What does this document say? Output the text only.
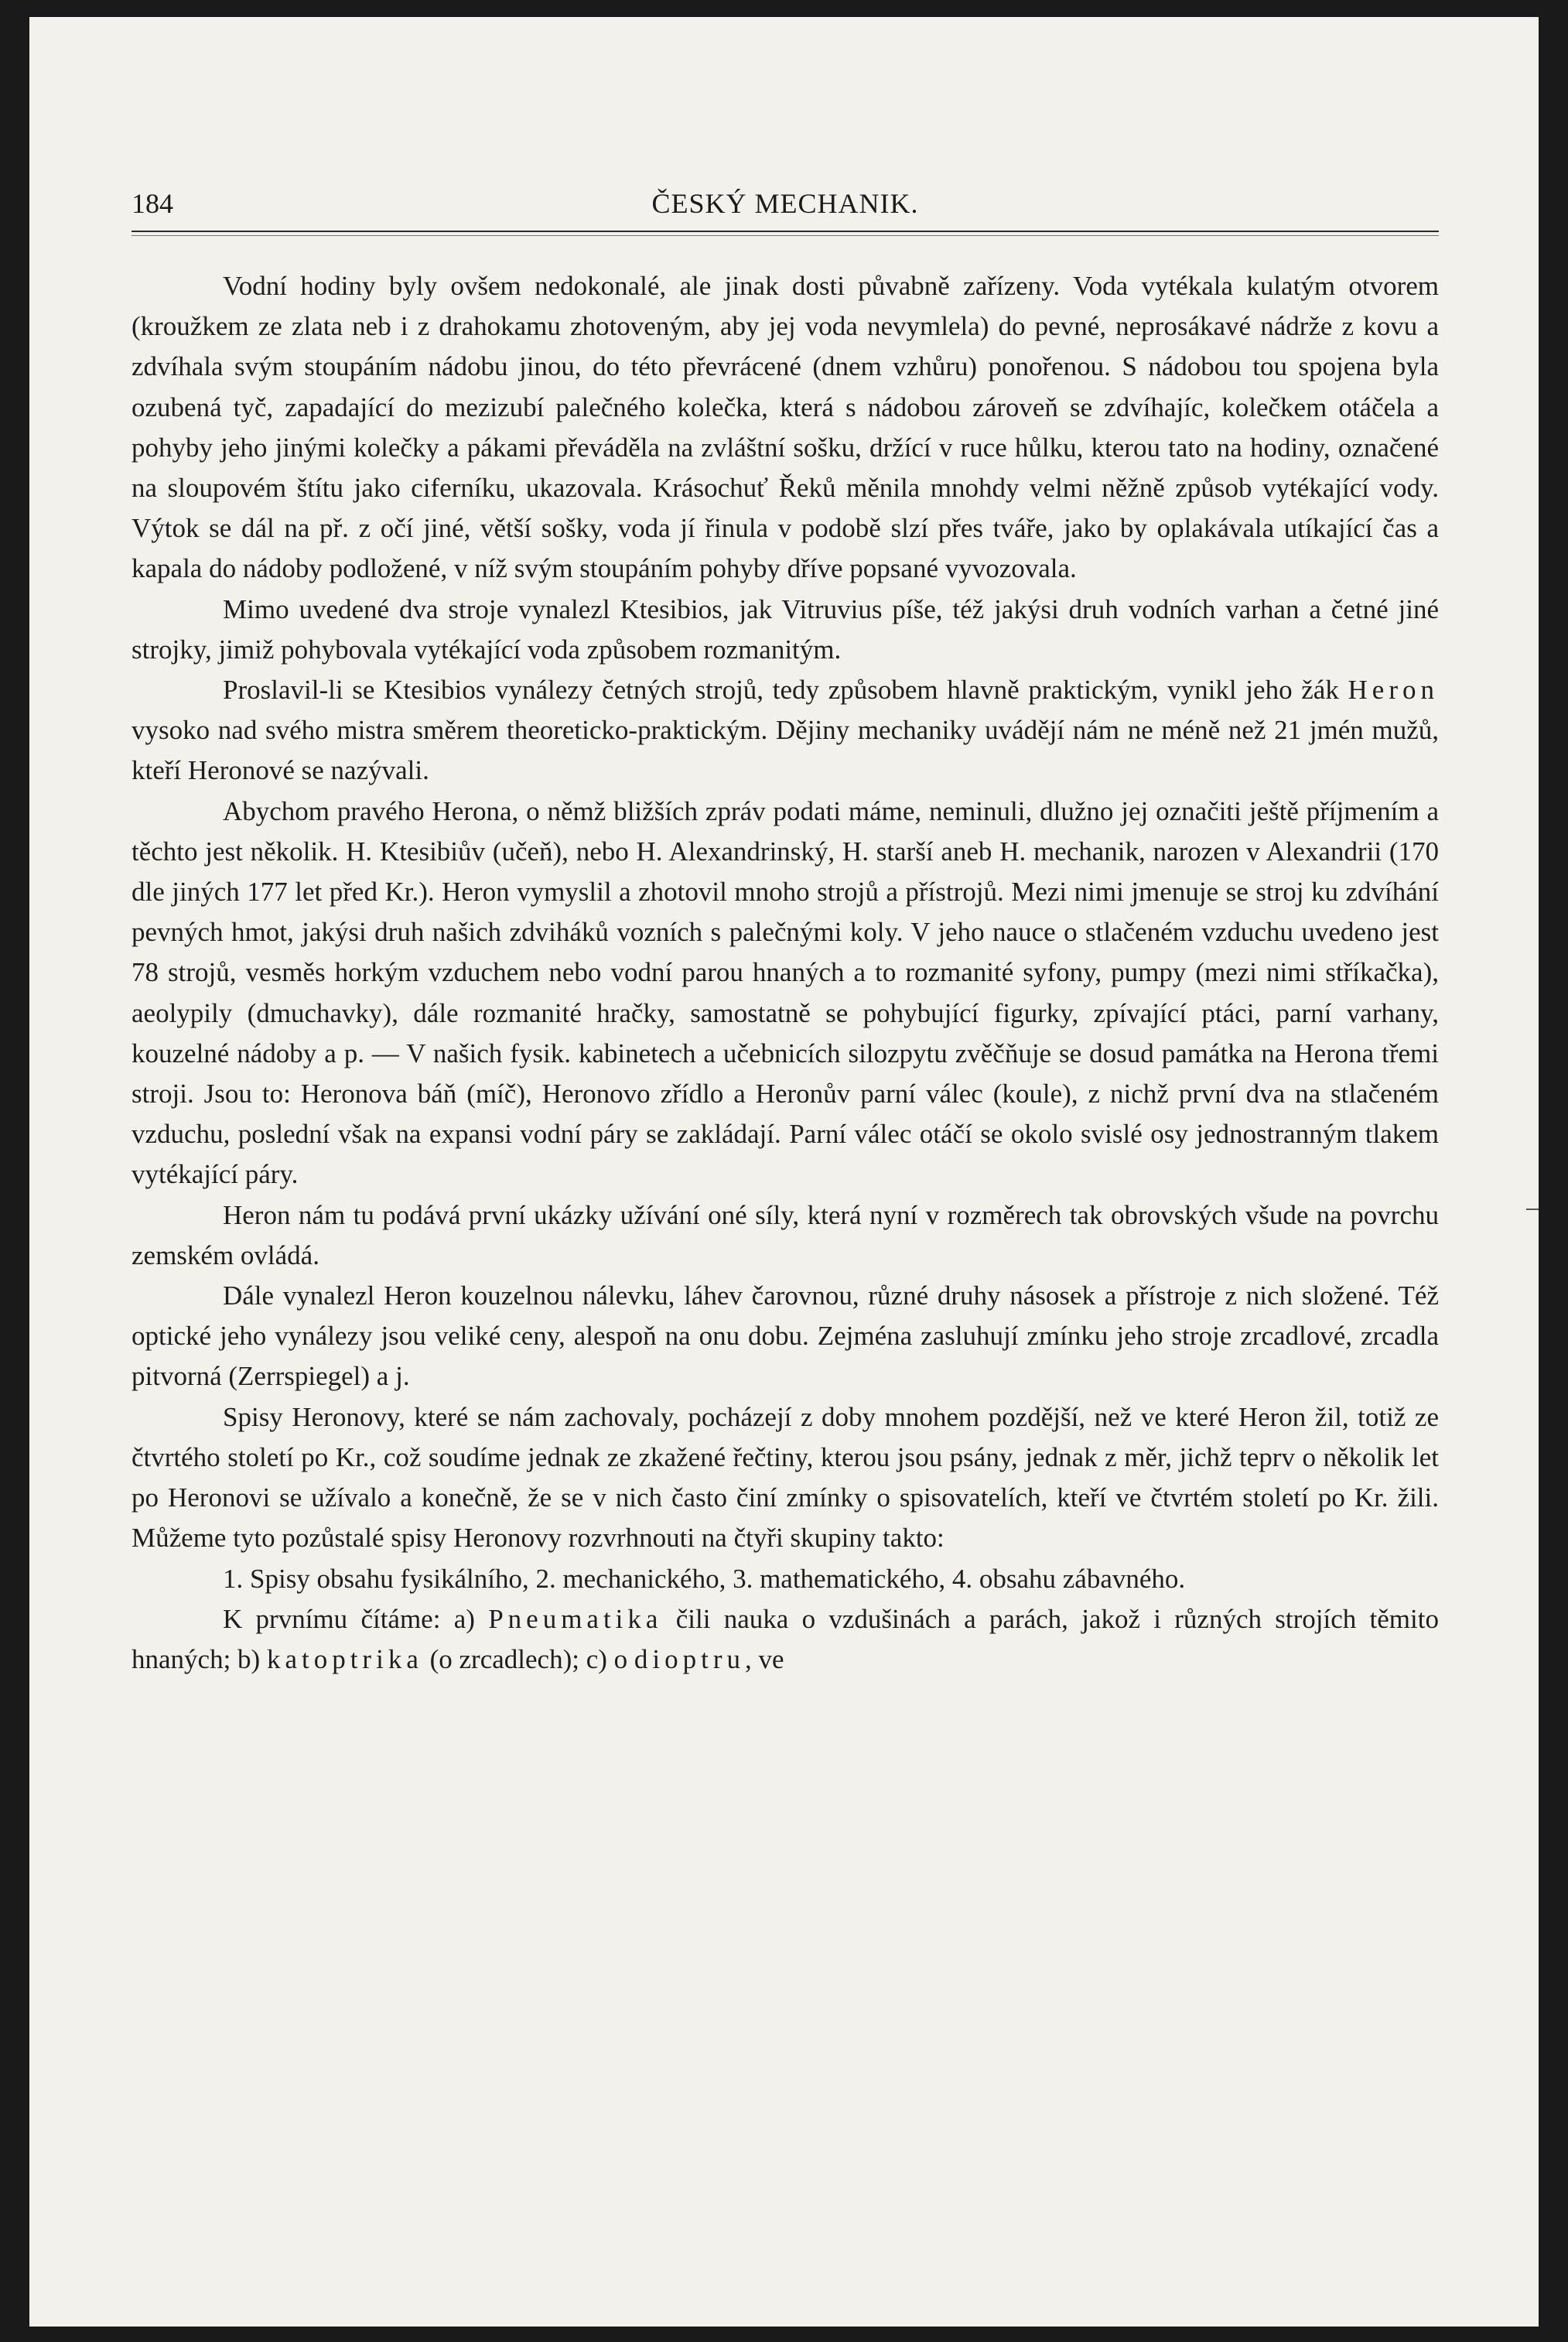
184	ČESKÝ MECHANIK.

Vodní hodiny byly ovšem nedokonalé, ale jinak dosti půvabně zařízeny. Voda vytékala kulatým otvorem (kroužkem ze zlata neb i z drahokamu zhotoveným, aby jej voda nevymlela) do pevné, neprosákavé nádrže z kovu a zdvíhala svým stoupáním nádobu jinou, do této převrácené (dnem vzhůru) ponořenou. S nádobou tou spojena byla ozubená tyč, zapadající do mezizubí palečného kolečka, která s nádobou zároveň se zdvíhajíc, kolečkem otáčela a pohyby jeho jinými kolečky a pákami převáděla na zvláštní sošku, držící v ruce hůlku, kterou tato na hodiny, označené na sloupovém štítu jako ciferníku, ukazovala. Krásochuť Řeků měnila mnohdy velmi něžně způsob vytékající vody. Výtok se dál na př. z očí jiné, větší sošky, voda jí řinula v podobě slzí přes tváře, jako by oplakávala utíkající čas a kapala do nádoby podložené, v níž svým stoupáním pohyby dříve popsané vyvozovala.

Mimo uvedené dva stroje vynalezl Ktesibios, jak Vitruvius píše, též jakýsi druh vodních varhan a četné jiné strojky, jimiž pohybovala vytékající voda způsobem rozmanitým.

Proslavil-li se Ktesibios vynálezy četných strojů, tedy způsobem hlavně praktickým, vynikl jeho žák Heron vysoko nad svého mistra směrem theoreticko-praktickým. Dějiny mechaniky uvádějí nám ne méně než 21 jmén mužů, kteří Heronové se nazývali.

Abychom pravého Herona, o němž bližších zpráv podati máme, neminuli, dlužno jej označiti ještě příjmením a těchto jest několik. H. Ktesibiův (učeň), nebo H. Alexandrinský, H. starší aneb H. mechanik, narozen v Alexandrii (170 dle jiných 177 let před Kr.). Heron vymyslil a zhotovil mnoho strojů a přístrojů. Mezi nimi jmenuje se stroj ku zdvíhání pevných hmot, jakýsi druh našich zdviháků vozních s palečnými koly. V jeho nauce o stlačeném vzduchu uvedeno jest 78 strojů, vesměs horkým vzduchem nebo vodní parou hnaných a to rozmanité syfony, pumpy (mezi nimi stříkačka), aeolypily (dmuchavky), dále rozmanité hračky, samostatně se pohybující figurky, zpívající ptáci, parní varhany, kouzelné nádoby a p. — V našich fysik. kabinetech a učebnicích silozpytu zvěčňuje se dosud památka na Herona třemi stroji. Jsou to: Heronova báň (míč), Heronovo zřídlo a Heronův parní válec (koule), z nichž první dva na stlačeném vzduchu, poslední však na expansi vodní páry se zakládají. Parní válec otáčí se okolo svislé osy jednostranným tlakem vytékající páry.

Heron nám tu podává první ukázky užívání oné síly, která nyní v rozměrech tak obrovských všude na povrchu zemském ovládá.

Dále vynalezl Heron kouzelnou nálevku, láhev čarovnou, různé druhy násosek a přístroje z nich složené. Též optické jeho vynálezy jsou veliké ceny, alespoň na onu dobu. Zejména zasluhují zmínku jeho stroje zrcadlové, zrcadla pitvorná (Zerrspiegel) a j.

Spisy Heronovy, které se nám zachovaly, pocházejí z doby mnohem pozdější, než ve které Heron žil, totiž ze čtvrtého století po Kr., což soudíme jednak ze zkažené řečtiny, kterou jsou psány, jednak z měr, jichž teprv o několik let po Heronovi se užívalo a konečně, že se v nich často činí zmínky o spisovatelích, kteří ve čtvrtém století po Kr. žili. Můžeme tyto pozůstalé spisy Heronovy rozvrhnouti na čtyři skupiny takto:

1. Spisy obsahu fysikálního, 2. mechanického, 3. mathematického, 4. obsahu zábavného.

K prvnímu čítáme: a) Pneumatika čili nauka o vzdušinách a parách, jakož i různých strojích těmito hnaných; b) katoptrika (o zrcadlech); c) o dioptru, ve
